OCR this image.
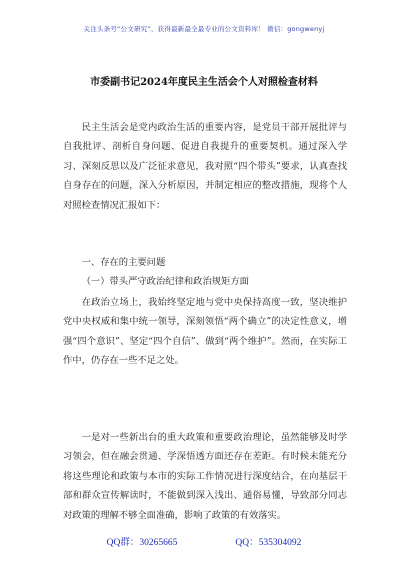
关注头条号“公文研究”，获得最新最全最专业的公文资料库！ 微信：gongwenyj
市委副书记2024年度民主生活会个人对照检查材料

民主生活会是党内政治生活的重要内容，是党员干部开展批评与自我批评、剖析自身问题、促进自我提升的重要契机。通过深入学习、深刻反思以及广泛征求意见，我对照“四个带头”要求，认真查找自身存在的问题，深入分析原因，并制定相应的整改措施，现将个人对照检查情况汇报如下：

一、存在的主要问题

（一）带头严守政治纪律和政治规矩方面

在政治立场上，我始终坚定地与党中央保持高度一致，坚决维护党中央权威和集中统一领导，深刻领悟“两个确立”的决定性意义，增强“四个意识”、坚定“四个自信”、做到“两个维护”。然而，在实际工作中，仍存在一些不足之处。

一是对一些新出台的重大政策和重要政治理论，虽然能够及时学习领会，但在融会贯通、学深悟透方面还存在差距。有时候未能充分将这些理论和政策与本市的实际工作情况进行深度结合，在向基层干部和群众宣传解读时，不能做到深入浅出、通俗易懂，导致部分同志对政策的理解不够全面准确，影响了政策的有效落实。

QQ群：30265665	QQ：535304092
